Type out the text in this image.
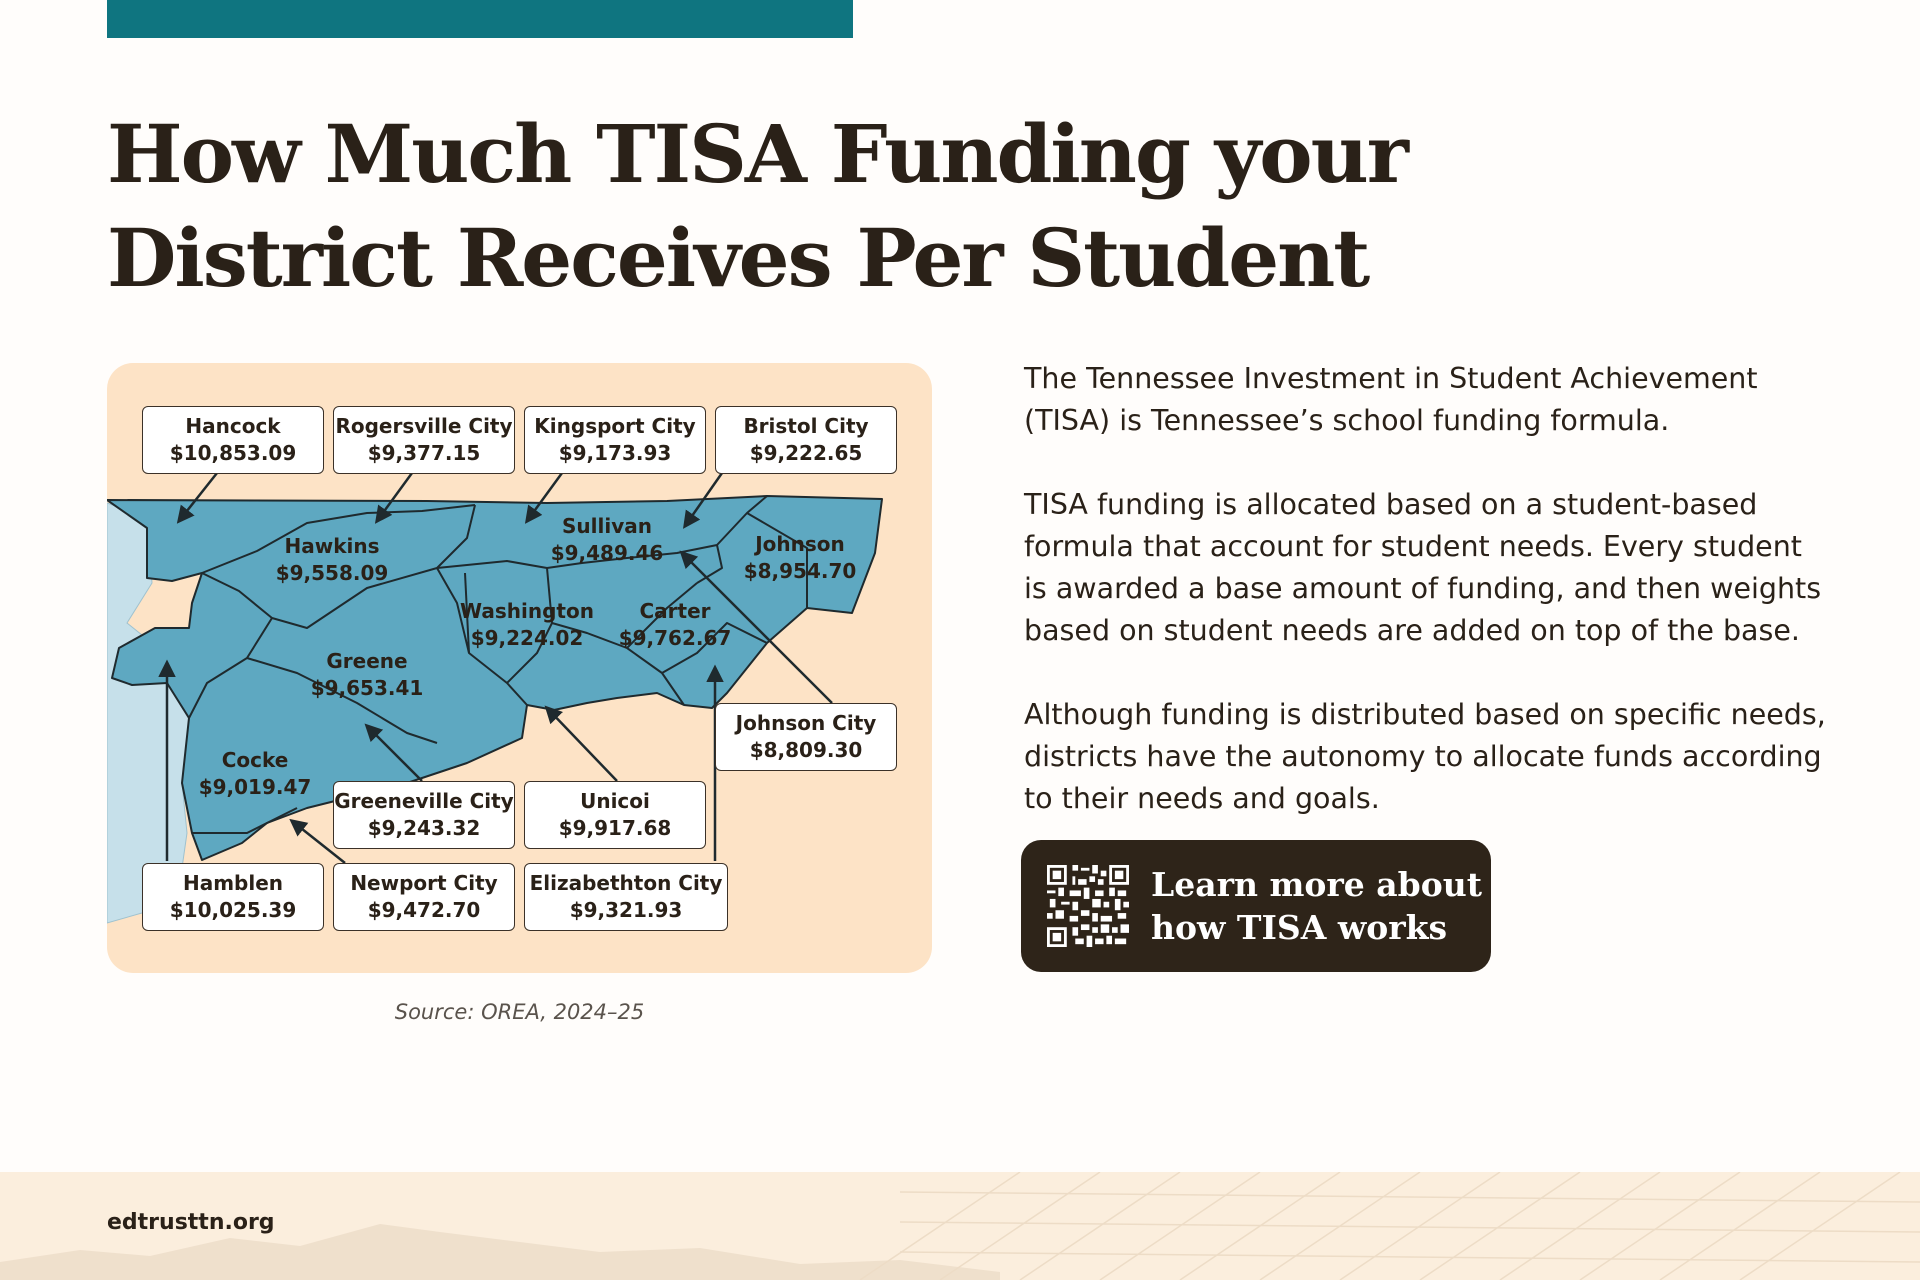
How Much TISA Funding your
District Receives Per Student
Hawkins
$9,558.09
Sullivan
$9,489.46	Johnson
$8,954.70
Washington
$9,224.02
Carter
$9,762.67
Greene
$9,653.41
Cocke
$9,019.47
Hancock
$10,853.09
Rogersville City
$9,377.15
Kingsport City
$9,173.93
Bristol City
$9,222.65
Johnson City
$8,809.30
Greeneville City
$9,243.32
Unicoi
$9,917.68
Hamblen
$10,025.39
Newport City
$9,472.70
Elizabethton City
$9,321.93
Source: OREA, 2024–25

The Tennessee Investment in Student Achievement
(TISA) is Tennessee’s school funding formula.

TISA funding is allocated based on a student-based
formula that account for student needs. Every student
is awarded a base amount of funding, and then weights
based on student needs are added on top of the base.

Although funding is distributed based on specific needs,
districts have the autonomy to allocate funds according
to their needs and goals.

Learn more about
how TISA works
edtrusttn.org
